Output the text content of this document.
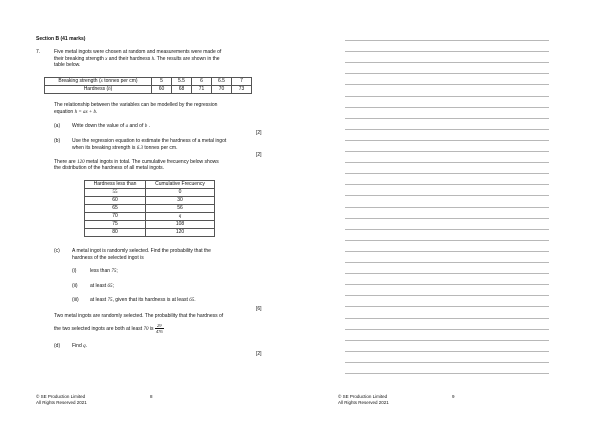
Section B (41 marks)
7.	Five metal ingots were chosen at random and measurements were made of
their breaking strength x and their hardness h. The results are shown in the
table below.
Breaking strength (x tonnes per cm)	5	5.5	6	6.5	7
Hardness (h)	60	68	71	70	73
The relationship between the variables can be modelled by the regression
equation h = ax + b.
(a) Write down the value of a and of b .
[2]
(b) Use the regression equation to estimate the hardness of a metal ingot
when its breaking strength is 6.3 tonnes per cm.
[2]
There are 120 metal ingots in total. The cumulative frecuency below shows
the distribution of the hardness of all metal ingots.
Hardness less than	Cumulative Frecuency
55	0
60	30
65	56
70	q
75	108
80	120
(c) A metal ingot is randomly selected. Find the probability that the
hardness of the selected ingot is
(i)	less than 75;
(ii) at least 65;
(iii) at least 75, given that its hardness is at least 65.
[6]
Two metal ingots are randomly selected. The probability that the hardness of
the two selected ingots are both at least 70 is $\frac{29}{476}$
(d) Find q.
[2]
© SE Production Limited
All Rights Reserved 2021
8	© SE Production Limited
All Rights Reserved 2021
9
